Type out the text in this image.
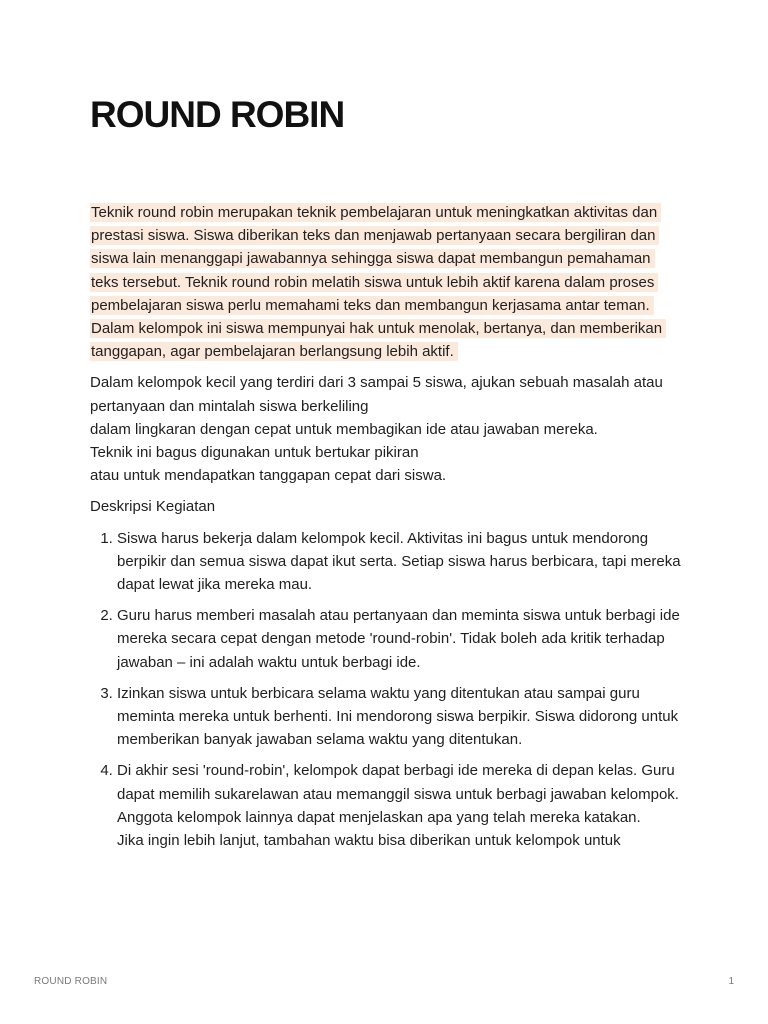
ROUND ROBIN

Teknik round robin merupakan teknik pembelajaran untuk meningkatkan aktivitas dan prestasi siswa. Siswa diberikan teks dan menjawab pertanyaan secara bergiliran dan siswa lain menanggapi jawabannya sehingga siswa dapat membangun pemahaman teks tersebut. Teknik round robin melatih siswa untuk lebih aktif karena dalam proses pembelajaran siswa perlu memahami teks dan membangun kerjasama antar teman. Dalam kelompok ini siswa mempunyai hak untuk menolak, bertanya, dan memberikan tanggapan, agar pembelajaran berlangsung lebih aktif.

Dalam kelompok kecil yang terdiri dari 3 sampai 5 siswa, ajukan sebuah masalah atau pertanyaan dan mintalah siswa berkeliling
dalam lingkaran dengan cepat untuk membagikan ide atau jawaban mereka.
Teknik ini bagus digunakan untuk bertukar pikiran
atau untuk mendapatkan tanggapan cepat dari siswa.

Deskripsi Kegiatan

1. Siswa harus bekerja dalam kelompok kecil. Aktivitas ini bagus untuk mendorong berpikir dan semua siswa dapat ikut serta. Setiap siswa harus berbicara, tapi mereka dapat lewat jika mereka mau.
2. Guru harus memberi masalah atau pertanyaan dan meminta siswa untuk berbagi ide mereka secara cepat dengan metode 'round-robin'. Tidak boleh ada kritik terhadap jawaban – ini adalah waktu untuk berbagi ide.
3. Izinkan siswa untuk berbicara selama waktu yang ditentukan atau sampai guru meminta mereka untuk berhenti. Ini mendorong siswa berpikir. Siswa didorong untuk memberikan banyak jawaban selama waktu yang ditentukan.
4. Di akhir sesi 'round-robin', kelompok dapat berbagi ide mereka di depan kelas. Guru dapat memilih sukarelawan atau memanggil siswa untuk berbagi jawaban kelompok. Anggota kelompok lainnya dapat menjelaskan apa yang telah mereka katakan.
Jika ingin lebih lanjut, tambahan waktu bisa diberikan untuk kelompok untuk
ROUND ROBIN	1
